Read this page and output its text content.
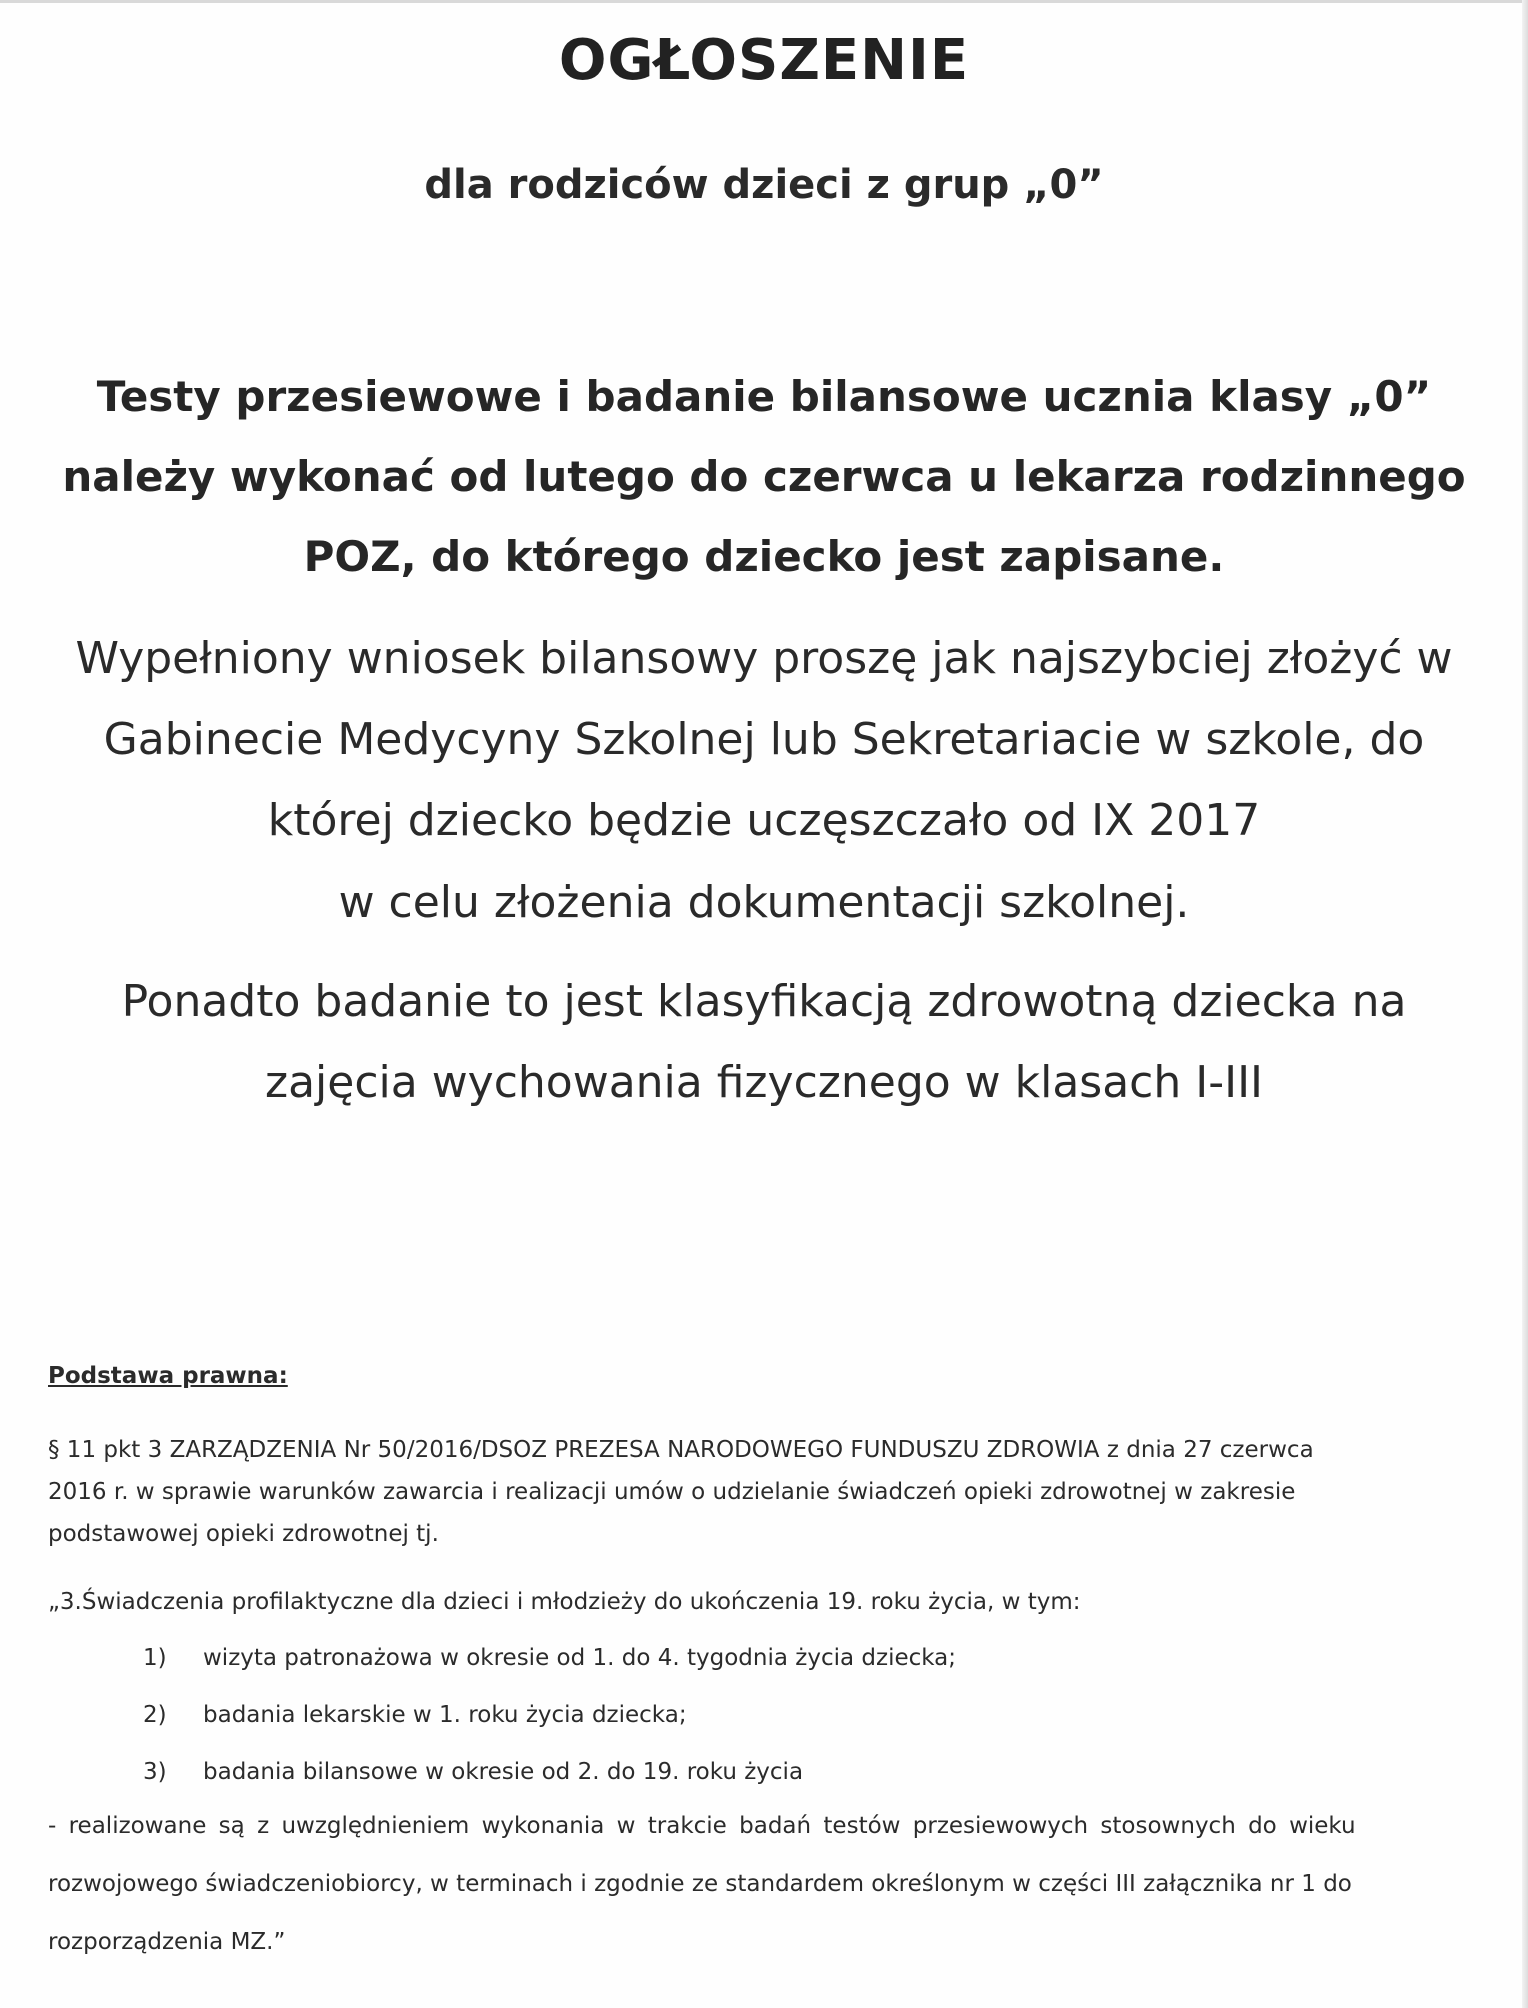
OGŁOSZENIE
dla rodziców dzieci z grup „0”
Testy przesiewowe i badanie bilansowe ucznia klasy „0”
należy wykonać od lutego do czerwca u lekarza rodzinnego
POZ, do którego dziecko jest zapisane.
Wypełniony wniosek bilansowy proszę jak najszybciej złożyć w
Gabinecie Medycyny Szkolnej lub Sekretariacie w szkole, do
której dziecko będzie uczęszczało od IX 2017
w celu złożenia dokumentacji szkolnej.
Ponadto badanie to jest klasyfikacją zdrowotną dziecka na
zajęcia wychowania fizycznego w klasach I-III
Podstawa prawna:
§ 11 pkt 3 ZARZĄDZENIA Nr 50/2016/DSOZ PREZESA NARODOWEGO FUNDUSZU ZDROWIA z dnia 27 czerwca
2016 r. w sprawie warunków zawarcia i realizacji umów o udzielanie świadczeń opieki zdrowotnej w zakresie
podstawowej opieki zdrowotnej tj.
„3.Świadczenia profilaktyczne dla dzieci i młodzieży do ukończenia 19. roku życia, w tym:
1) wizyta patronażowa w okresie od 1. do 4. tygodnia życia dziecka;
2) badania lekarskie w 1. roku życia dziecka;
3) badania bilansowe w okresie od 2. do 19. roku życia
- realizowane są z uwzględnieniem wykonania w trakcie badań testów przesiewowych stosownych do wieku
rozwojowego świadczeniobiorcy, w terminach i zgodnie ze standardem określonym w części III załącznika nr 1 do
rozporządzenia MZ.”
